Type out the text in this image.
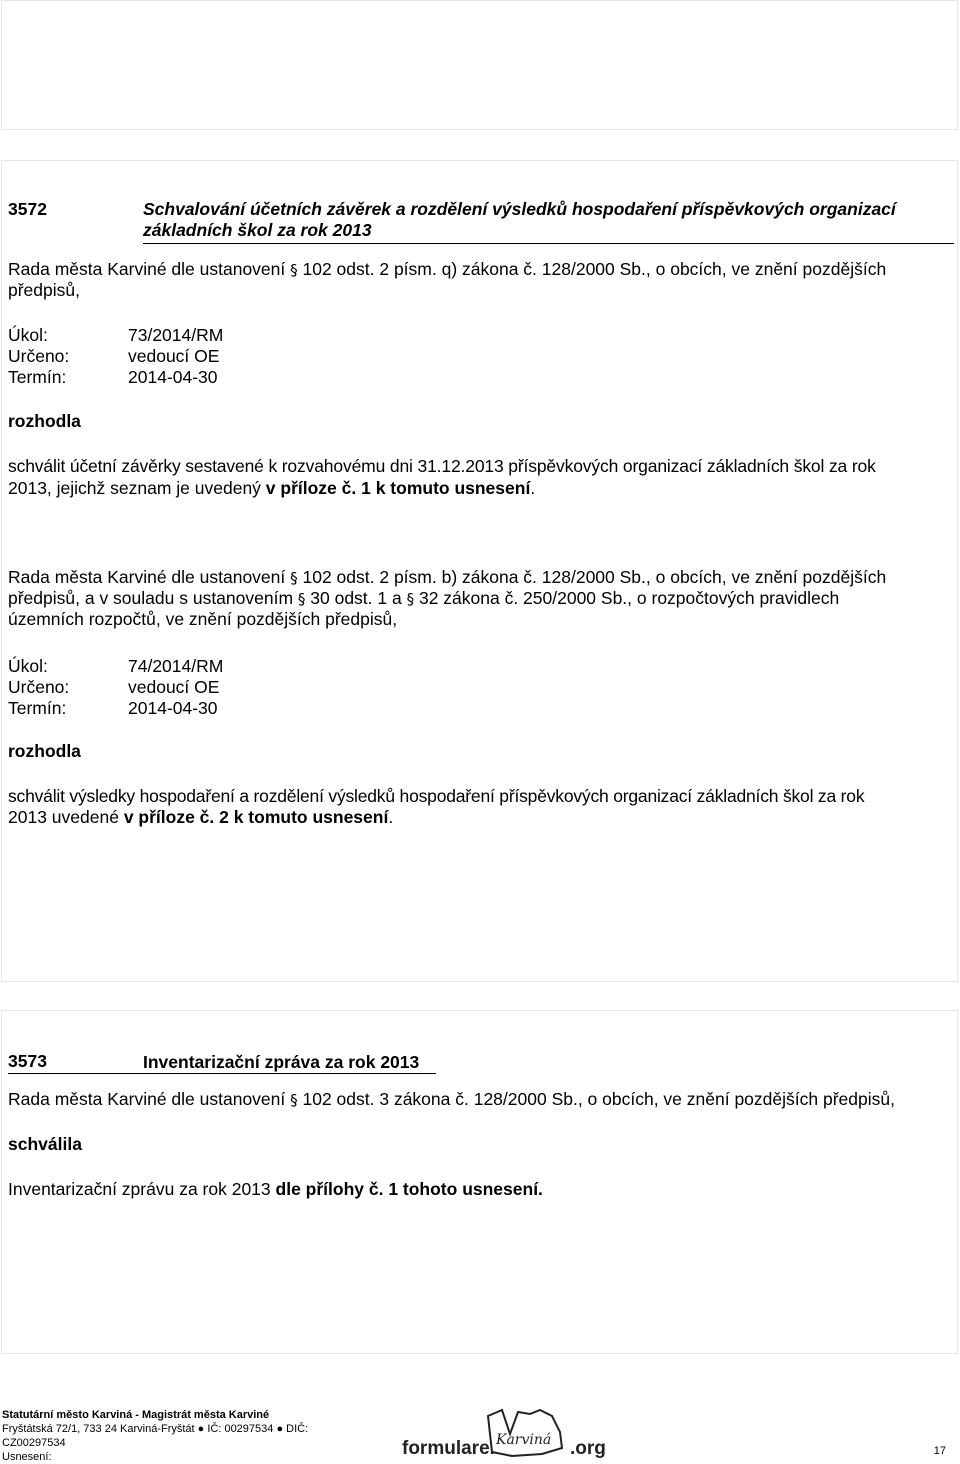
3572	Schvalování účetních závěrek a rozdělení výsledků hospodaření příspěvkových organizací
základních škol za rok 2013
Rada města Karviné dle ustanovení § 102 odst. 2 písm. q) zákona č. 128/2000 Sb., o obcích, ve znění pozdějších
předpisů,
Úkol:	73/2014/RM
Určeno:	vedoucí OE
Termín:	2014-04-30
rozhodla
schválit účetní závěrky sestavené k rozvahovému dni 31.12.2013 příspěvkových organizací základních škol za rok
2013, jejichž seznam je uvedený v příloze č. 1 k tomuto usnesení.
Rada města Karviné dle ustanovení § 102 odst. 2 písm. b) zákona č. 128/2000 Sb., o obcích, ve znění pozdějších
předpisů, a v souladu s ustanovením § 30 odst. 1 a § 32 zákona č. 250/2000 Sb., o rozpočtových pravidlech
územních rozpočtů, ve znění pozdějších předpisů,
Úkol:	74/2014/RM
Určeno:	vedoucí OE
Termín:	2014-04-30
rozhodla
schválit výsledky hospodaření a rozdělení výsledků hospodaření příspěvkových organizací základních škol za rok
2013 uvedené v příloze č. 2 k tomuto usnesení.
3573	Inventarizační zpráva za rok 2013
Rada města Karviné dle ustanovení § 102 odst. 3 zákona č. 128/2000 Sb., o obcích, ve znění pozdějších předpisů,
schválila
Inventarizační zprávu za rok 2013 dle přílohy č. 1 tohoto usnesení.
Statutární město Karviná - Magistrát města Karviné
Fryštátská 72/1, 733 24 Karviná-Fryštát ● IČ: 00297534 ● DIČ:
CZ00297534
Usnesení:	formulare. Karviná .org	17
